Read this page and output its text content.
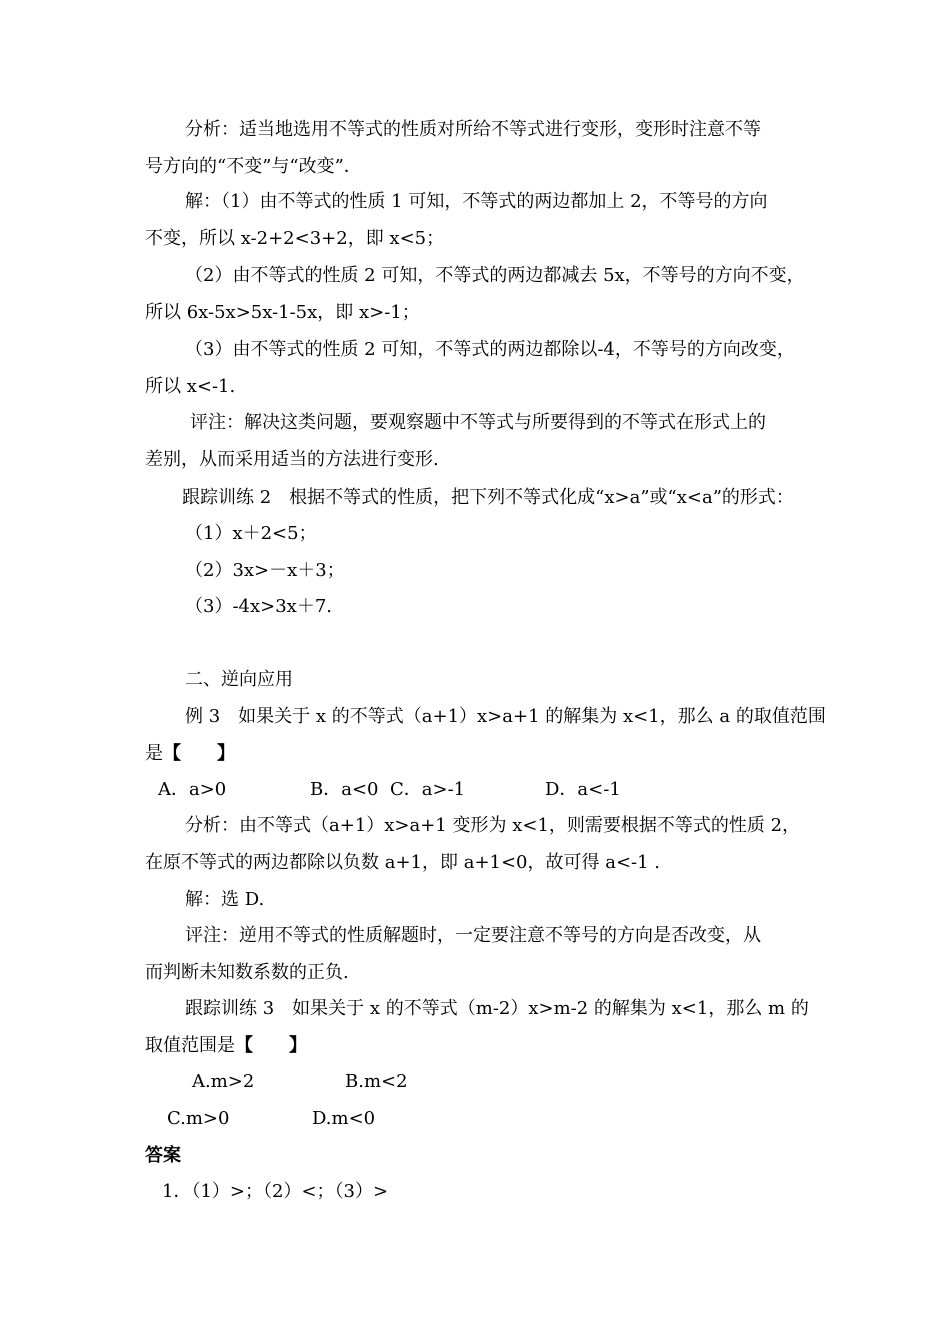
分析：适当地选用不等式的性质对所给不等式进行变形，变形时注意不等
号方向的“不变”与“改变”．
解：（1）由不等式的性质 1 可知，不等式的两边都加上 2，不等号的方向
不变，所以 x-2+2<3+2，即 x<5；
（2）由不等式的性质 2 可知，不等式的两边都减去 5x，不等号的方向不变，
所以 6x-5x>5x-1-5x，即 x>-1；
（3）由不等式的性质 2 可知，不等式的两边都除以-4，不等号的方向改变，
所以 x<-1.
评注：解决这类问题，要观察题中不等式与所要得到的不等式在形式上的
差别，从而采用适当的方法进行变形.
跟踪训练 2　根据不等式的性质，把下列不等式化成“x>a”或“x<a”的形式：
（1）x＋2<5；
（2）3x>－x＋3；
（3）-4x>3x＋7.
二、逆向应用
例 3　如果关于 x 的不等式（a+1）x>a+1 的解集为 x<1，那么 a 的取值范围
是【　　】
A．a>0	B．a<0 C．a>-1	D．a<-1
分析：由不等式（a+1）x>a+1 变形为 x<1，则需要根据不等式的性质 2，
在原不等式的两边都除以负数 a+1，即 a+1<0，故可得 a<-1 .
解：选 D.
评注：逆用不等式的性质解题时，一定要注意不等号的方向是否改变，从
而判断未知数系数的正负.
跟踪训练 3　如果关于 x 的不等式（m-2）x>m-2 的解集为 x<1，那么 m 的
取值范围是【　　】
A.m>2	B.m<2
C.m>0	D.m<0
答案
1．（1）>；（2）<；（3）>
